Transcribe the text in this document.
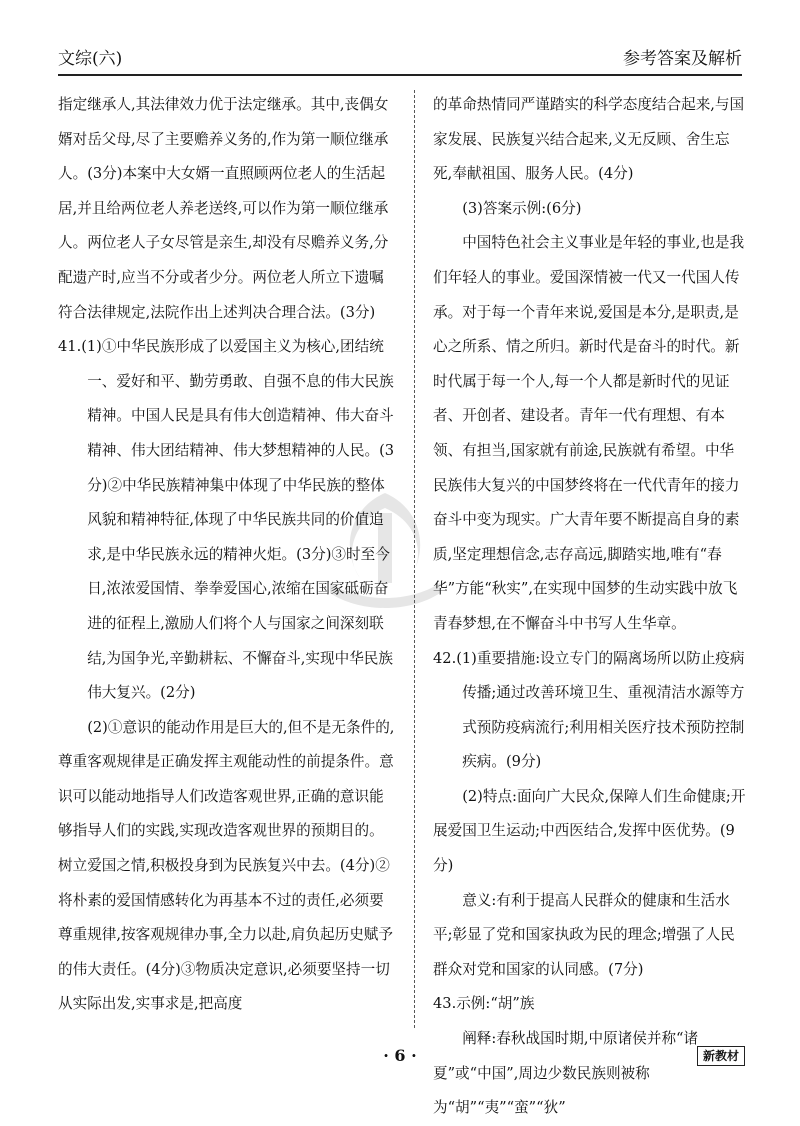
文综(六)	参考答案及解析

指定继承人,其法律效力优于法定继承。其中,丧偶女婿对岳父母,尽了主要赡养义务的,作为第一顺位继承人。(3分)本案中大女婿一直照顾两位老人的生活起居,并且给两位老人养老送终,可以作为第一顺位继承人。两位老人子女尽管是亲生,却没有尽赡养义务,分配遗产时,应当不分或者少分。两位老人所立下遗嘱符合法律规定,法院作出上述判决合理合法。(3分)

41.(1)①中华民族形成了以爱国主义为核心,团结统一、爱好和平、勤劳勇敢、自强不息的伟大民族精神。中国人民是具有伟大创造精神、伟大奋斗精神、伟大团结精神、伟大梦想精神的人民。(3分)②中华民族精神集中体现了中华民族的整体风貌和精神特征,体现了中华民族共同的价值追求,是中华民族永远的精神火炬。(3分)③时至今日,浓浓爱国情、拳拳爱国心,浓缩在国家砥砺奋进的征程上,激励人们将个人与国家之间深刻联结,为国争光,辛勤耕耘、不懈奋斗,实现中华民族伟大复兴。(2分)

(2)①意识的能动作用是巨大的,但不是无条件的,尊重客观规律是正确发挥主观能动性的前提条件。意识可以能动地指导人们改造客观世界,正确的意识能够指导人们的实践,实现改造客观世界的预期目的。树立爱国之情,积极投身到为民族复兴中去。(4分)②将朴素的爱国情感转化为再基本不过的责任,必须要尊重规律,按客观规律办事,全力以赴,肩负起历史赋予的伟大责任。(4分)③物质决定意识,必须要坚持一切从实际出发,实事求是,把高度

的革命热情同严谨踏实的科学态度结合起来,与国家发展、民族复兴结合起来,义无反顾、舍生忘死,奉献祖国、服务人民。(4分)

(3)答案示例:(6分)

中国特色社会主义事业是年轻的事业,也是我们年轻人的事业。爱国深情被一代又一代国人传承。对于每一个青年来说,爱国是本分,是职责,是心之所系、情之所归。新时代是奋斗的时代。新时代属于每一个人,每一个人都是新时代的见证者、开创者、建设者。青年一代有理想、有本领、有担当,国家就有前途,民族就有希望。中华民族伟大复兴的中国梦终将在一代代青年的接力奋斗中变为现实。广大青年要不断提高自身的素质,坚定理想信念,志存高远,脚踏实地,唯有“春华”方能“秋实”,在实现中国梦的生动实践中放飞青春梦想,在不懈奋斗中书写人生华章。

42.(1)重要措施:设立专门的隔离场所以防止疫病传播;通过改善环境卫生、重视清洁水源等方式预防疫病流行;利用相关医疗技术预防控制疾病。(9分)

(2)特点:面向广大民众,保障人们生命健康;开展爱国卫生运动;中西医结合,发挥中医优势。(9分)

意义:有利于提高人民群众的健康和生活水平;彰显了党和国家执政为民的理念;增强了人民群众对党和国家的认同感。(7分)

43.示例:“胡”族

阐释:春秋战国时期,中原诸侯并称“诸夏”或“中国”,周边少数民族则被称为“胡”“夷”“蛮”“狄”

· 6 ·	新教材
